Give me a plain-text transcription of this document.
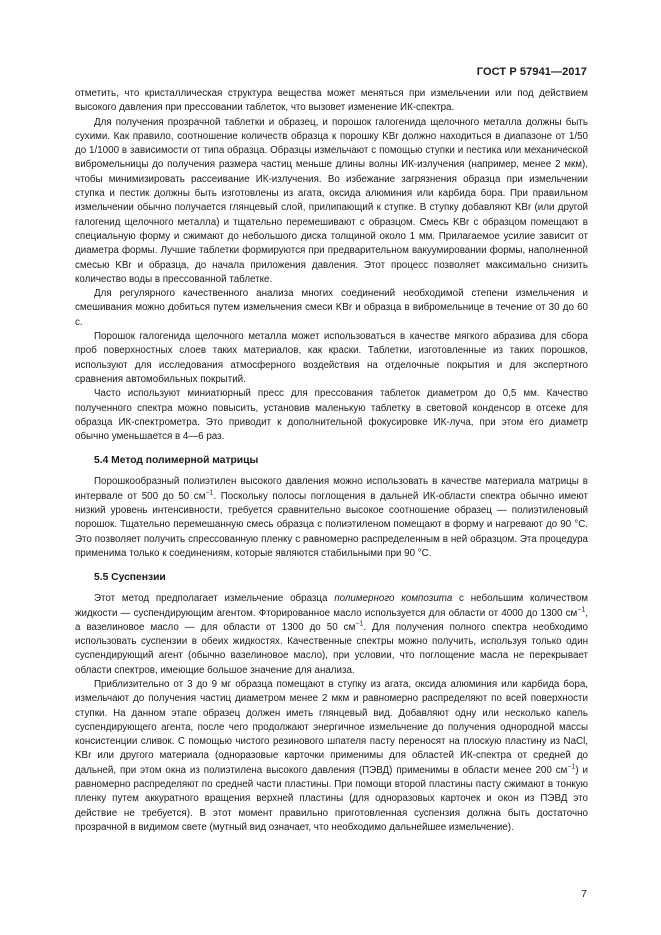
ГОСТ Р 57941—2017

отметить, что кристаллическая структура вещества может меняться при измельчении или под действием высокого давления при прессовании таблеток, что вызовет изменение ИК-спектра.

Для получения прозрачной таблетки и образец, и порошок галогенида щелочного металла должны быть сухими. Как правило, соотношение количеств образца к порошку KBr должно находиться в диапазоне от 1/50 до 1/1000 в зависимости от типа образца. Образцы измельчают с помощью ступки и пестика или механической вибромельницы до получения размера частиц меньше длины волны ИК-излучения (например, менее 2 мкм), чтобы минимизировать рассеивание ИК-излучения. Во избежание загрязнения образца при измельчении ступка и пестик должны быть изготовлены из агата, оксида алюминия или карбида бора. При правильном измельчении обычно получается глянцевый слой, прилипающий к ступке. В ступку добавляют KBr (или другой галогенид щелочного металла) и тщательно перемешивают с образцом. Смесь KBr с образцом помещают в специальную форму и сжимают до небольшого диска толщиной около 1 мм. Прилагаемое усилие зависит от диаметра формы. Лучшие таблетки формируются при предварительном вакуумировании формы, наполненной смесью KBr и образца, до начала приложения давления. Этот процесс позволяет максимально снизить количество воды в прессованной таблетке.

Для регулярного качественного анализа многих соединений необходимой степени измельчения и смешивания можно добиться путем измельчения смеси KBr и образца в вибромельнице в течение от 30 до 60 с.

Порошок галогенида щелочного металла может использоваться в качестве мягкого абразива для сбора проб поверхностных слоев таких материалов, как краски. Таблетки, изготовленные из таких порошков, используют для исследования атмосферного воздействия на отделочные покрытия и для экспертного сравнения автомобильных покрытий.

Часто используют миниатюрный пресс для прессования таблеток диаметром до 0,5 мм. Качество полученного спектра можно повысить, установив маленькую таблетку в световой конденсор в отсеке для образца ИК-спектрометра. Это приводит к дополнительной фокусировке ИК-луча, при этом его диаметр обычно уменьшается в 4—6 раз.

5.4 Метод полимерной матрицы

Порошкообразный полиэтилен высокого давления можно использовать в качестве материала матрицы в интервале от 500 до 50 $см^{-1}$. Поскольку полосы поглощения в дальней ИК-области спектра обычно имеют низкий уровень интенсивности, требуется сравнительно высокое соотношение образец — полиэтиленовый порошок. Тщательно перемешанную смесь образца с полиэтиленом помещают в форму и нагревают до 90 °С. Это позволяет получить спрессованную пленку с равномерно распределенным в ней образцом. Эта процедура применима только к соединениям, которые являются стабильными при 90 °С.

5.5 Суспензии

Этот метод предполагает измельчение образца полимерного композита с небольшим количеством жидкости — суспендирующим агентом. Фторированное масло используется для области от 4000 до 1300 $см^{-1}$, а вазелиновое масло — для области от 1300 до 50 $см^{-1}$. Для получения полного спектра необходимо использовать суспензии в обеих жидкостях. Качественные спектры можно получить, используя только один суспендирующий агент (обычно вазелиновое масло), при условии, что поглощение масла не перекрывает области спектров, имеющие большое значение для анализа.

Приблизительно от 3 до 9 мг образца помещают в ступку из агата, оксида алюминия или карбида бора, измельчают до получения частиц диаметром менее 2 мкм и равномерно распределяют по всей поверхности ступки. На данном этапе образец должен иметь глянцевый вид. Добавляют одну или несколько капель суспендирующего агента, после чего продолжают энергичное измельчение до получения однородной массы консистенции сливок. С помощью чистого резинового шпателя пасту переносят на плоскую пластину из NaCl, KBr или другого материала (одноразовые карточки применимы для областей ИК-спектра от средней до дальней, при этом окна из полиэтилена высокого давления (ПЭВД) применимы в области менее 200 $см^{-1}$) и равномерно распределяют по средней части пластины. При помощи второй пластины пасту сжимают в тонкую пленку путем аккуратного вращения верхней пластины (для одноразовых карточек и окон из ПЭВД это действие не требуется). В этот момент правильно приготовленная суспензия должна быть достаточно прозрачной в видимом свете (мутный вид означает, что необходимо дальнейшее измельчение).

7
